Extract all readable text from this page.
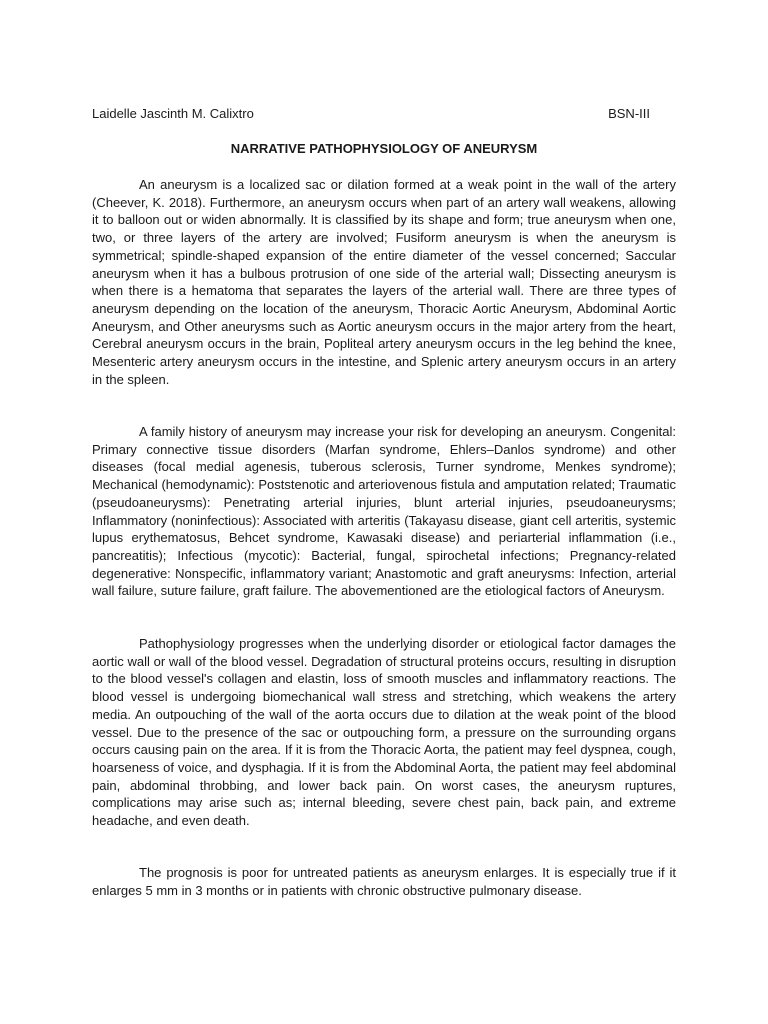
Laidelle Jascinth M. Calixtro	BSN-III
NARRATIVE PATHOPHYSIOLOGY OF ANEURYSM

An aneurysm is a localized sac or dilation formed at a weak point in the wall of the artery (Cheever, K. 2018). Furthermore, an aneurysm occurs when part of an artery wall weakens, allowing it to balloon out or widen abnormally. It is classified by its shape and form; true aneurysm when one, two, or three layers of the artery are involved; Fusiform aneurysm is when the aneurysm is symmetrical; spindle-shaped expansion of the entire diameter of the vessel concerned; Saccular aneurysm when it has a bulbous protrusion of one side of the arterial wall; Dissecting aneurysm is when there is a hematoma that separates the layers of the arterial wall. There are three types of aneurysm depending on the location of the aneurysm, Thoracic Aortic Aneurysm, Abdominal Aortic Aneurysm, and Other aneurysms such as Aortic aneurysm occurs in the major artery from the heart, Cerebral aneurysm occurs in the brain, Popliteal artery aneurysm occurs in the leg behind the knee, Mesenteric artery aneurysm occurs in the intestine, and Splenic artery aneurysm occurs in an artery in the spleen.

A family history of aneurysm may increase your risk for developing an aneurysm. Congenital: Primary connective tissue disorders (Marfan syndrome, Ehlers–Danlos syndrome) and other diseases (focal medial agenesis, tuberous sclerosis, Turner syndrome, Menkes syndrome); Mechanical (hemodynamic): Poststenotic and arteriovenous fistula and amputation related; Traumatic (pseudoaneurysms): Penetrating arterial injuries, blunt arterial injuries, pseudoaneurysms; Inflammatory (noninfectious): Associated with arteritis (Takayasu disease, giant cell arteritis, systemic lupus erythematosus, Behcet syndrome, Kawasaki disease) and periarterial inflammation (i.e., pancreatitis); Infectious (mycotic): Bacterial, fungal, spirochetal infections; Pregnancy-related degenerative: Nonspecific, inflammatory variant; Anastomotic and graft aneurysms: Infection, arterial wall failure, suture failure, graft failure. The abovementioned are the etiological factors of Aneurysm.

Pathophysiology progresses when the underlying disorder or etiological factor damages the aortic wall or wall of the blood vessel. Degradation of structural proteins occurs, resulting in disruption to the blood vessel's collagen and elastin, loss of smooth muscles and inflammatory reactions. The blood vessel is undergoing biomechanical wall stress and stretching, which weakens the artery media. An outpouching of the wall of the aorta occurs due to dilation at the weak point of the blood vessel. Due to the presence of the sac or outpouching form, a pressure on the surrounding organs occurs causing pain on the area. If it is from the Thoracic Aorta, the patient may feel dyspnea, cough, hoarseness of voice, and dysphagia. If it is from the Abdominal Aorta, the patient may feel abdominal pain, abdominal throbbing, and lower back pain. On worst cases, the aneurysm ruptures, complications may arise such as; internal bleeding, severe chest pain, back pain, and extreme headache, and even death.

The prognosis is poor for untreated patients as aneurysm enlarges. It is especially true if it enlarges 5 mm in 3 months or in patients with chronic obstructive pulmonary disease.
